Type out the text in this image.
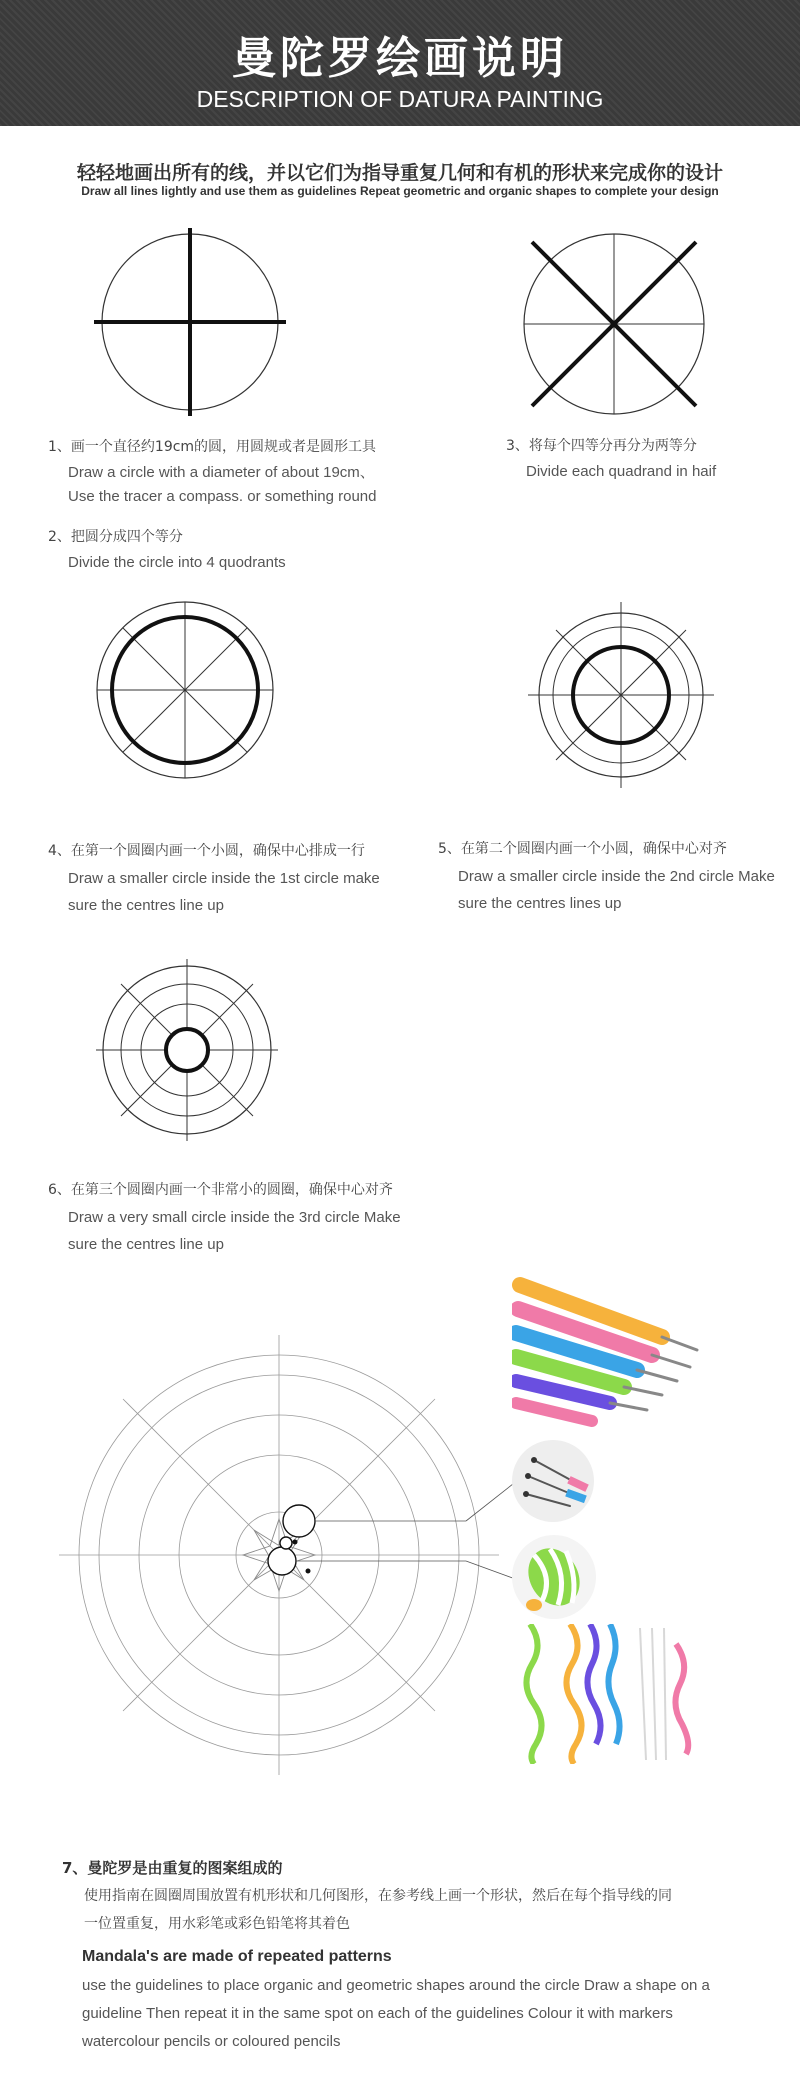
曼陀罗绘画说明
DESCRIPTION OF DATURA PAINTING
轻轻地画出所有的线，并以它们为指导重复几何和有机的形状来完成你的设计
Draw all lines lightly and use them as guidelines Repeat geometric and organic shapes to complete your design
1、画一个直径约19cm的圆，用圆规或者是圆形工具
Draw a circle with a diameter of about 19cm、
Use the tracer a compass. or something round
2、把圆分成四个等分
Divide the circle into 4 quodrants
3、将每个四等分再分为两等分
Divide each quadrand in haif
4、在第一个圆圈内画一个小圆，确保中心排成一行
Draw a smaller circle inside the 1st circle make
sure the centres line up
5、在第二个圆圈内画一个小圆，确保中心对齐
Draw a smaller circle inside the 2nd circle Make
sure the centres lines up
6、在第三个圆圈内画一个非常小的圆圈，确保中心对齐
Draw a very small circle inside the 3rd circle Make
sure the centres line up
7、曼陀罗是由重复的图案组成的
使用指南在圆圈周围放置有机形状和几何图形，在参考线上画一个形状，然后在每个指导线的同
一位置重复，用水彩笔或彩色铅笔将其着色
Mandala's are made of repeated patterns
use the guidelines to place organic and geometric shapes around the circle Draw a shape on a
guideline Then repeat it in the same spot on each of the guidelines Colour it with markers
watercolour pencils or coloured pencils
